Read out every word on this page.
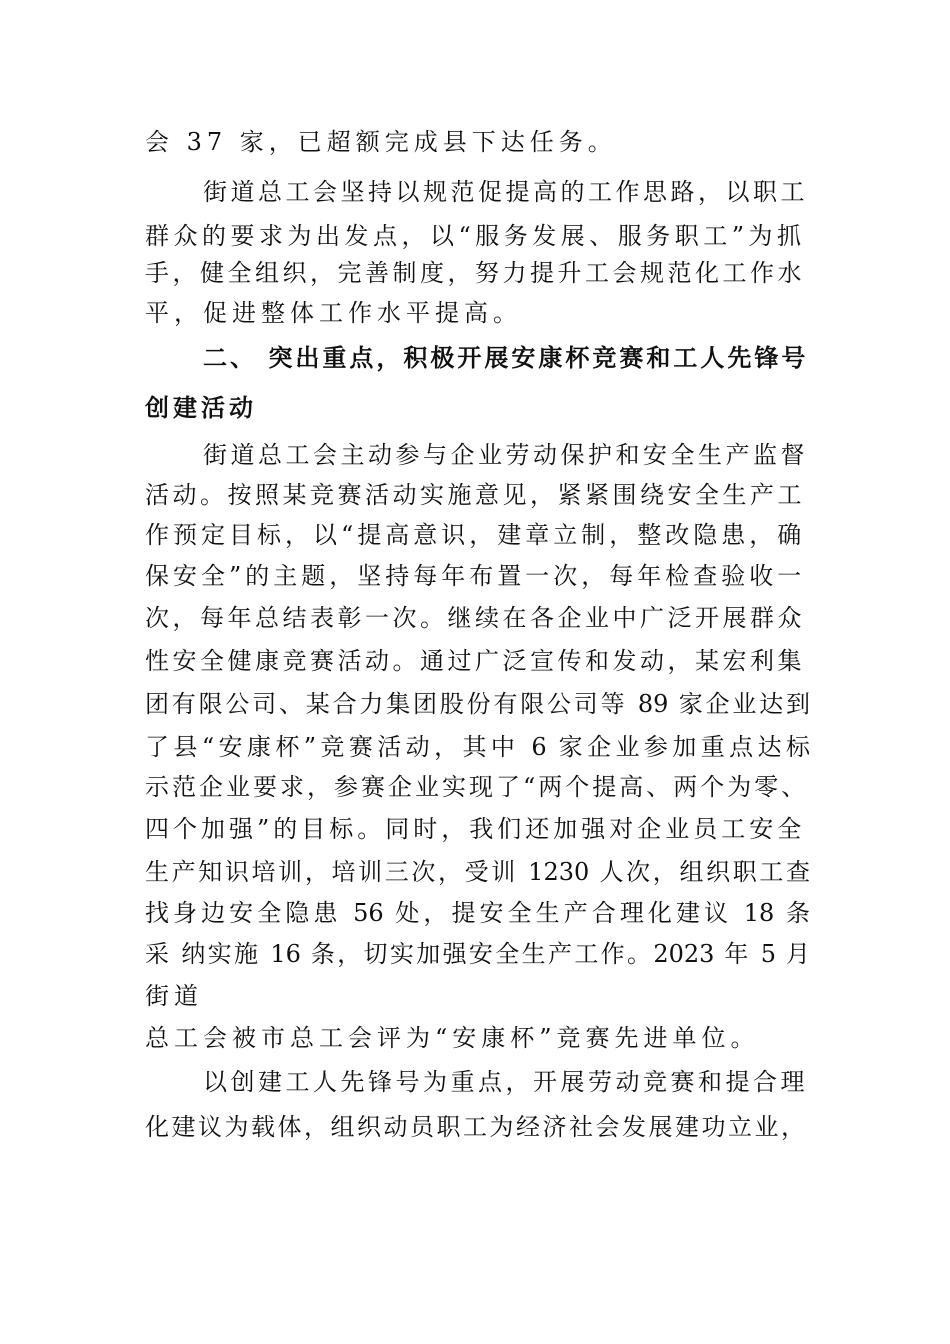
会 37 家，已超额完成县下达任务。
街道总工会坚持以规范促提高的工作思路，以职工
群众的要求为出发点，以“服务发展、服务职工”为抓
手，健全组织，完善制度，努力提升工会规范化工作水
平，促进整体工作水平提高。
二、 突出重点，积极开展安康杯竞赛和工人先锋号
创建活动
街道总工会主动参与企业劳动保护和安全生产监督
活动。按照某竞赛活动实施意见，紧紧围绕安全生产工
作预定目标，以“提高意识，建章立制，整改隐患，确
保安全”的主题，坚持每年布置一次，每年检查验收一
次，每年总结表彰一次。继续在各企业中广泛开展群众
性安全健康竞赛活动。通过广泛宣传和发动，某宏利集
团有限公司、某合力集团股份有限公司等 89 家企业达到
了县“安康杯”竞赛活动，其中 6 家企业参加重点达标
示范企业要求，参赛企业实现了“两个提高、两个为零、
四个加强”的目标。同时，我们还加强对企业员工安全
生产知识培训，培训三次，受训 1230 人次，组织职工查
找身边安全隐患 56 处，提安全生产合理化建议 18 条
采 纳实施 16 条，切实加强安全生产工作。2023 年 5 月
街道
总工会被市总工会评为“安康杯”竞赛先进单位。
以创建工人先锋号为重点，开展劳动竞赛和提合理
化建议为载体，组织动员职工为经济社会发展建功立业，
